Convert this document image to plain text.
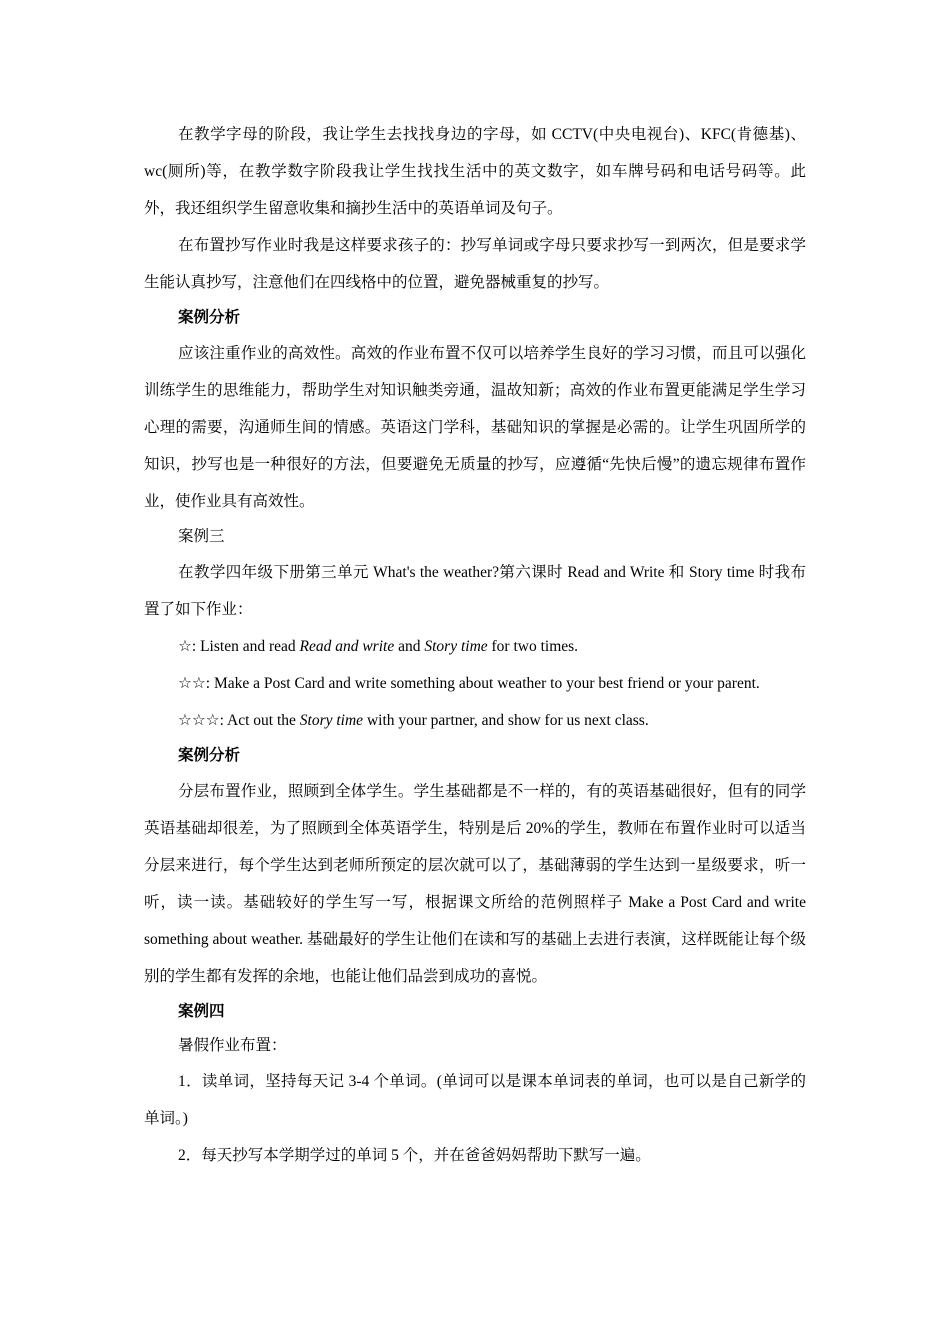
在教学字母的阶段，我让学生去找找身边的字母，如 CCTV(中央电视台)、KFC(肯德基)、wc(厕所)等，在教学数字阶段我让学生找找生活中的英文数字，如车牌号码和电话号码等。此外，我还组织学生留意收集和摘抄生活中的英语单词及句子。

在布置抄写作业时我是这样要求孩子的：抄写单词或字母只要求抄写一到两次，但是要求学生能认真抄写，注意他们在四线格中的位置，避免器械重复的抄写。

案例分析

应该注重作业的高效性。高效的作业布置不仅可以培养学生良好的学习习惯，而且可以强化训练学生的思维能力，帮助学生对知识触类旁通，温故知新；高效的作业布置更能满足学生学习心理的需要，沟通师生间的情感。英语这门学科，基础知识的掌握是必需的。让学生巩固所学的知识，抄写也是一种很好的方法，但要避免无质量的抄写，应遵循“先快后慢”的遗忘规律布置作业，使作业具有高效性。

案例三

在教学四年级下册第三单元 What's the weather?第六课时 Read and Write 和 Story time 时我布置了如下作业：

☆: Listen and read Read and write and Story time for two times.

☆☆: Make a Post Card and write something about weather to your best friend or your parent.

☆☆☆: Act out the Story time with your partner, and show for us next class.

案例分析

分层布置作业，照顾到全体学生。学生基础都是不一样的，有的英语基础很好，但有的同学英语基础却很差，为了照顾到全体英语学生，特别是后 20%的学生，教师在布置作业时可以适当分层来进行，每个学生达到老师所预定的层次就可以了，基础薄弱的学生达到一星级要求，听一听，读一读。基础较好的学生写一写，根据课文所给的范例照样子 Make a Post Card and write something about weather. 基础最好的学生让他们在读和写的基础上去进行表演，这样既能让每个级别的学生都有发挥的余地，也能让他们品尝到成功的喜悦。

案例四

暑假作业布置：

1．读单词，坚持每天记 3-4 个单词。(单词可以是课本单词表的单词，也可以是自己新学的单词。)

2．每天抄写本学期学过的单词 5 个，并在爸爸妈妈帮助下默写一遍。
